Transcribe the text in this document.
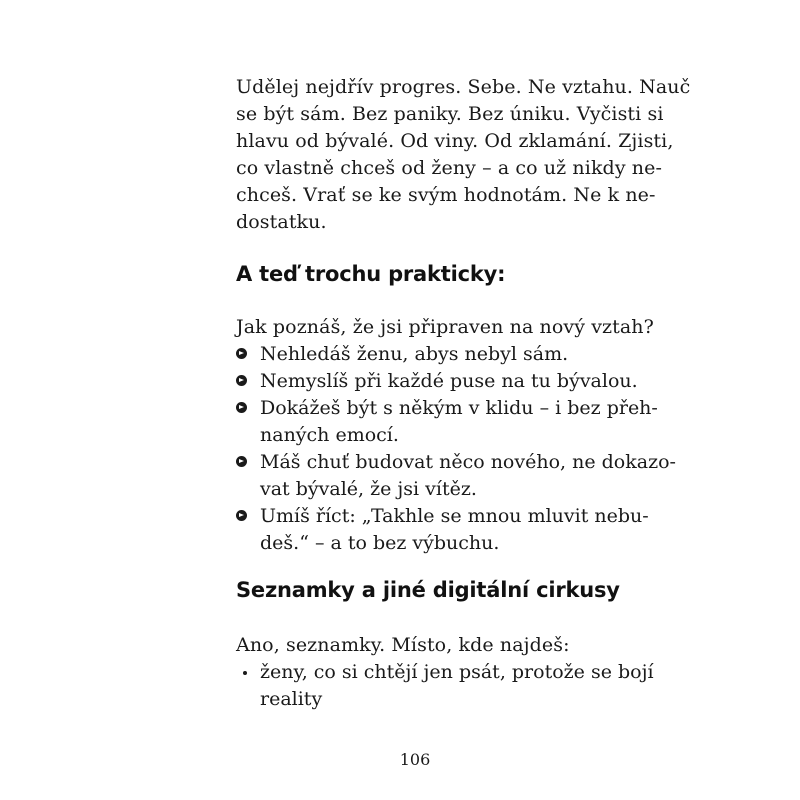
Udělej nejdřív progres. Sebe. Ne vztahu. Nauč
se být sám. Bez paniky. Bez úniku. Vyčisti si
hlavu od bývalé. Od viny. Od zklamání. Zjisti,
co vlastně chceš od ženy – a co už nikdy ne-
chceš. Vrať se ke svým hodnotám. Ne k ne-
dostatku.
A teď trochu prakticky:
Jak poznáš, že jsi připraven na nový vztah?
Nehledáš ženu, abys nebyl sám.
Nemyslíš při každé puse na tu bývalou.
Dokážeš být s někým v klidu – i bez přeh-
naných emocí.
Máš chuť budovat něco nového, ne dokazo-
vat bývalé, že jsi vítěz.
Umíš říct: „Takhle se mnou mluvit nebu-
deš.“ – a to bez výbuchu.
Seznamky a jiné digitální cirkusy
Ano, seznamky. Místo, kde najdeš:
ženy, co si chtějí jen psát, protože se bojí
reality
106
